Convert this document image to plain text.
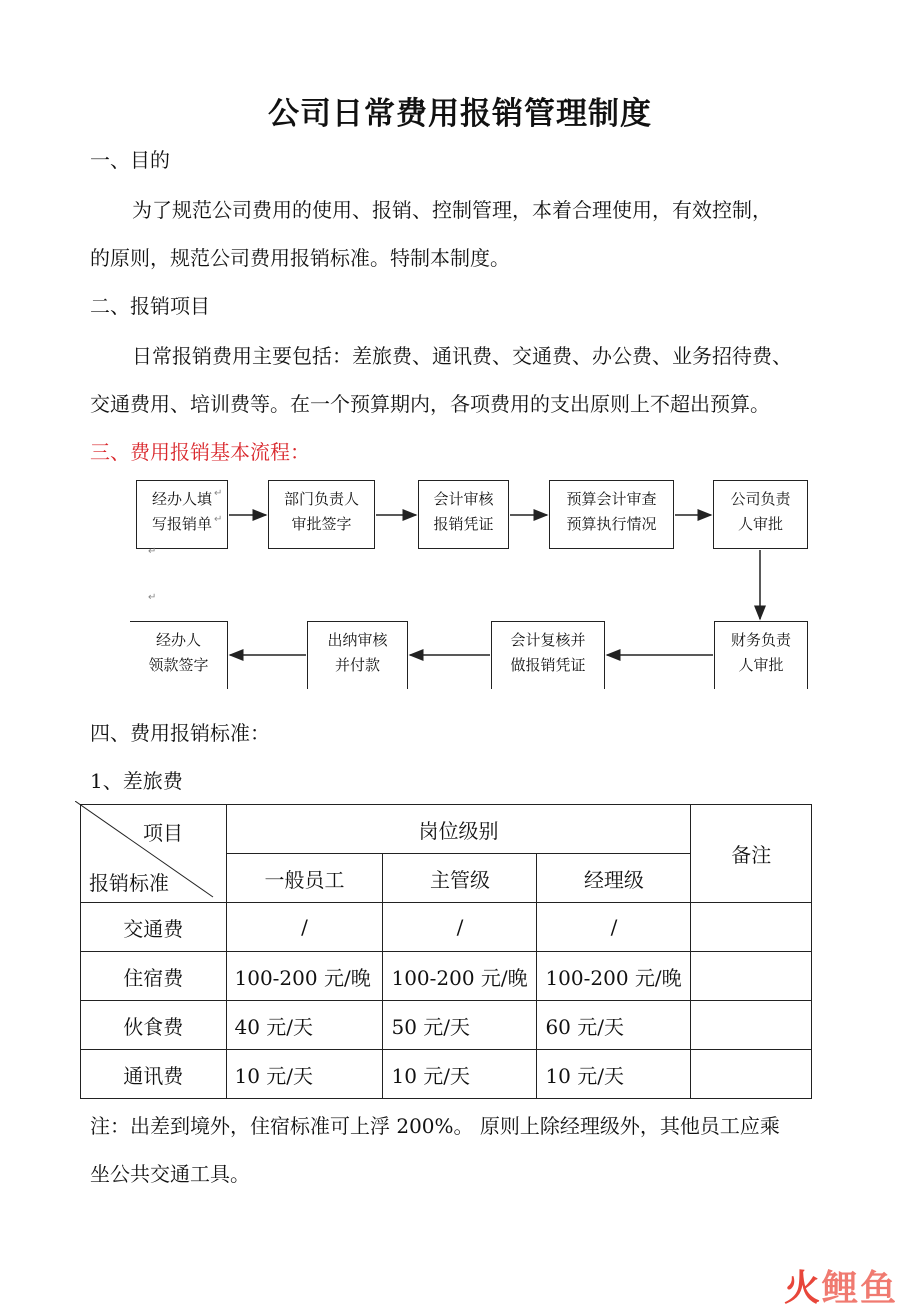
公司日常费用报销管理制度
一、目的
为了规范公司费用的使用、报销、控制管理，本着合理使用，有效控制，
的原则，规范公司费用报销标准。特制本制度。
二、报销项目
日常报销费用主要包括：差旅费、通讯费、交通费、办公费、业务招待费、
交通费用、培训费等。在一个预算期内，各项费用的支出原则上不超出预算。
三、费用报销基本流程：
经办人填
写报销单
部门负责人
审批签字
会计审核
报销凭证
预算会计审查
预算执行情况
公司负责
人审批
财务负责
人审批
会计复核并
做报销凭证
出纳审核
并付款
经办人
领款签字
↵
↵
↵
↵
四、费用报销标准：
1、差旅费
项目
报销标准	岗位级别			备注
	一般员工	主管级	经理级	
交通费	/	/	/	
住宿费	100-200 元/晚	100-200 元/晚	100-200 元/晚	
伙食费	40 元/天	50 元/天	60 元/天	
通讯费	10 元/天	10 元/天	10 元/天	
注：出差到境外，住宿标准可上浮 200%。 原则上除经理级外，其他员工应乘
坐公共交通工具。
火鲤鱼
